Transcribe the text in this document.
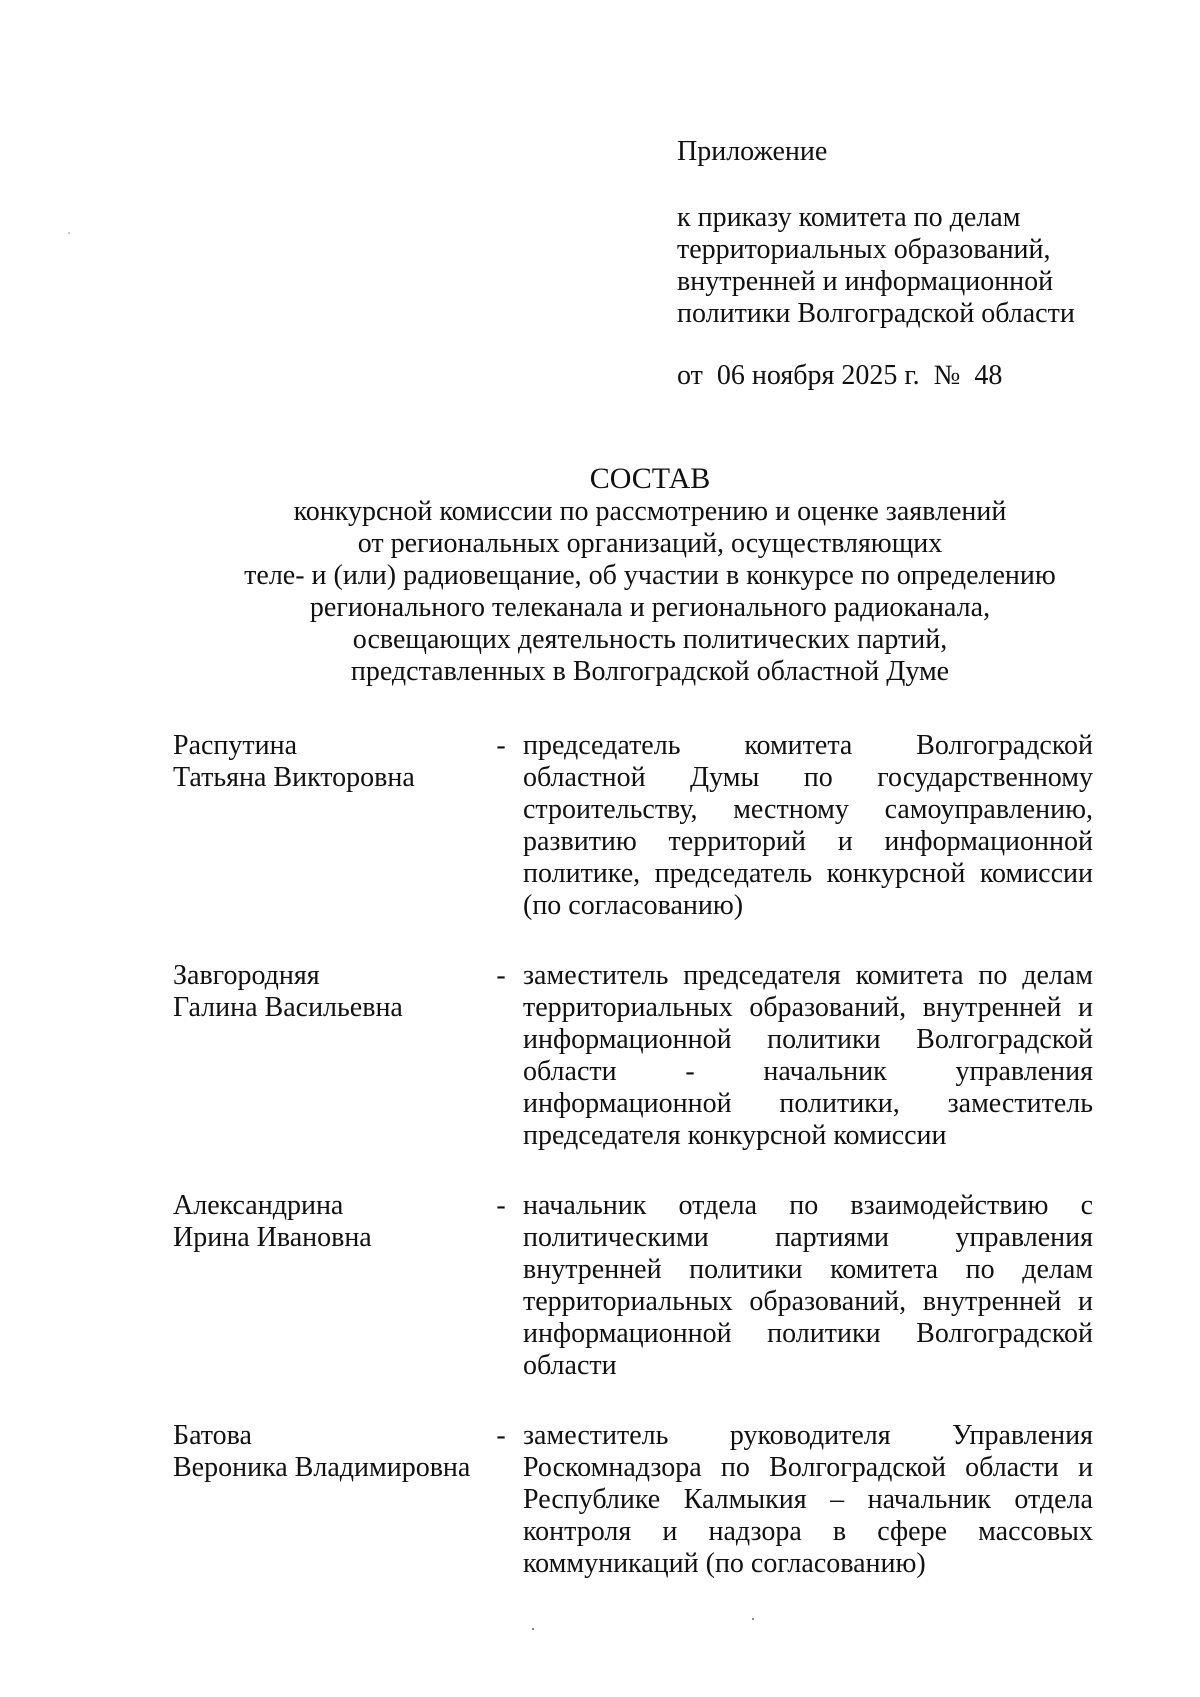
Приложение

к приказу комитета по делам

территориальных образований,

внутренней и информационной

политики Волгоградской области

от  06 ноября 2025 г.  №  48

СОСТАВ

конкурсной комиссии по рассмотрению и оценке заявлений

от региональных организаций, осуществляющих

теле- и (или) радиовещание, об участии в конкурсе по определению

регионального телеканала и регионального радиоканала,

освещающих деятельность политических партий,

представленных в Волгоградской областной Думе

Распутина
Татьяна Викторовна
- председатель комитета Волгоградской областной Думы по государственному строительству, местному самоуправлению, развитию территорий и информационной политике, председатель конкурсной комиссии (по согласованию)
Завгородняя
Галина Васильевна
- заместитель председателя комитета по делам территориальных образований, внутренней и информационной политики Волгоградской области - начальник управления информационной политики, заместитель председателя конкурсной комиссии
Александрина
Ирина Ивановна
- начальник отдела по взаимодействию с политическими партиями управления внутренней политики комитета по делам территориальных образований, внутренней и информационной политики Волгоградской области
Батова
Вероника Владимировна
- заместитель руководителя Управления Роскомнадзора по Волгоградской области и Республике Калмыкия – начальник отдела контроля и надзора в сфере массовых коммуникаций (по согласованию)
